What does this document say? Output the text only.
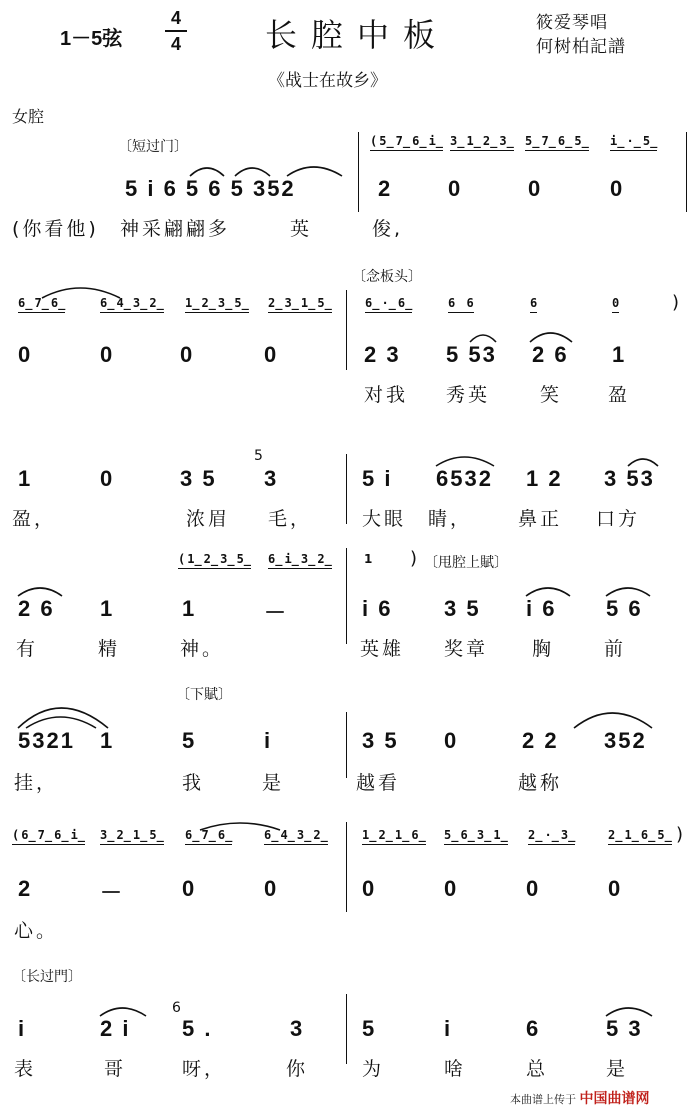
1－5弦
4
4	长腔中板	筱爱琴唱
何树柏記譜
《战士在故乡》
女腔
〔短过门〕	(5̲7̲6̲i̲ 3̲1̲2̲3̲ 5̲7̲6̲5̲ i̲·̲5̲
5 i 6 5 6 5 352	2	0	0	0
(你看他) 神采翩翩多	英	俊,
〔念板头〕
6̲7̲6̲	6̲4̲3̲2̲ 1̲2̲3̲5̲ 2̲3̲1̲5̲	6̲·̲6̲	6 6	6	0	)
0	0	0	0	2 3 5 53 2 6 1
对我 秀英	笑 盈
5
1	0	3 5 3	5 i 6532 1 2 3 53
盈，	浓眉 毛，	大眼 睛， 鼻正 口方
(1̲2̲3̲5̲ 6̲i̲3̲2̲	1 ) 〔甩腔上賦〕
2 6 1	1	－	i 6 3 5 i 6 5 6
有	精	神。	英雄 奖章 胸	前
〔下賦〕
5321 1	5	i	3 5 0	2 2 352
挂，	我	是	越看	越称
(6̲7̲6̲i̲ 3̲2̲1̲5̲ 6̲7̲6̲ 6̲4̲3̲2̲	1̲2̲1̲6̲ 5̲6̲3̲1̲ 2̲·̲3̲	2̲1̲6̲5̲ )
2	－	0	0	0	0	0	0
心。
〔长过門〕
6
i	2 i 5 .	3	5	i	6	5 3
表	哥	呀，	你	为	啥	总	是
本曲谱上传于 中国曲谱网
